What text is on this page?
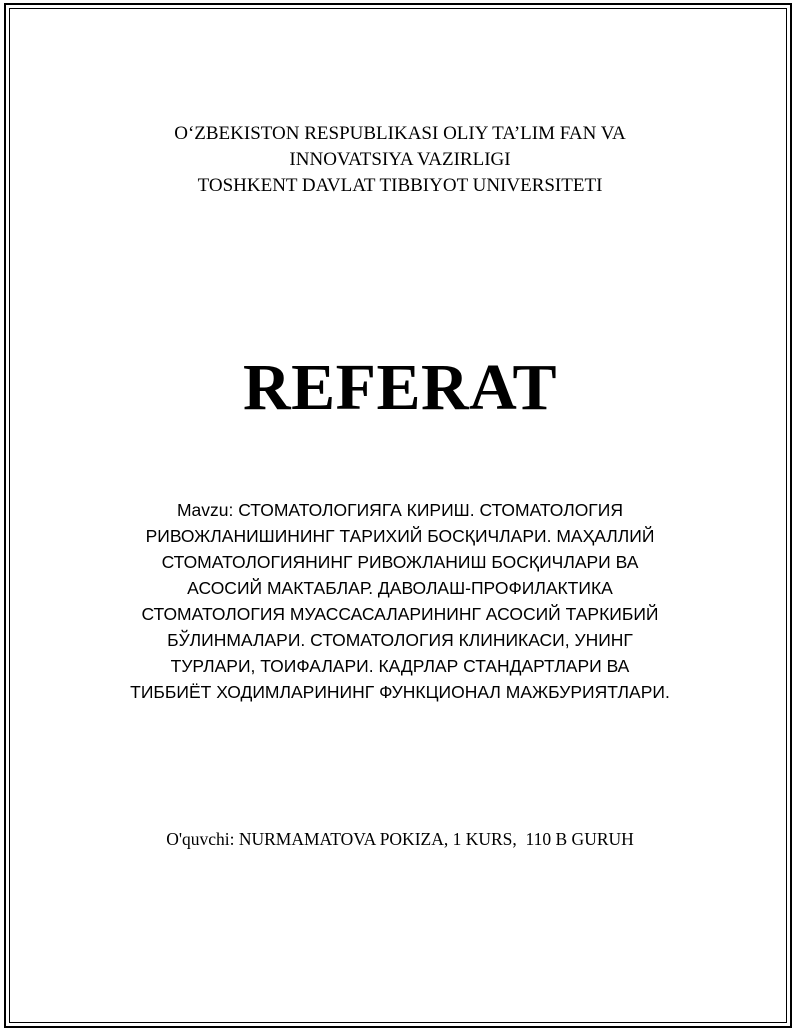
O‘ZBEKISTON RESPUBLIKASI OLIY TA’LIM FAN VA
INNOVATSIYA VAZIRLIGI
TOSHKENT DAVLAT TIBBIYOT UNIVERSITETI
REFERAT
Mavzu: СТОМАТОЛОГИЯГА КИРИШ. СТОМАТОЛОГИЯ
РИВОЖЛАНИШИНИНГ ТАРИХИЙ БОСҚИЧЛАРИ. МАҲАЛЛИЙ
СТОМАТОЛОГИЯНИНГ РИВОЖЛАНИШ БОСҚИЧЛАРИ ВА
АСОСИЙ МАКТАБЛАР. ДАВОЛАШ-ПРОФИЛАКТИКА
СТОМАТОЛОГИЯ МУАССАСАЛАРИНИНГ АСОСИЙ ТАРКИБИЙ
БЎЛИНМАЛАРИ. СТОМАТОЛОГИЯ КЛИНИКАСИ, УНИНГ
ТУРЛАРИ, ТОИФАЛАРИ. КАДРЛАР СТАНДАРТЛАРИ ВА
ТИББИЁТ ХОДИМЛАРИНИНГ ФУНКЦИОНАЛ МАЖБУРИЯТЛАРИ.
O'quvchi: NURMAMATOVA POKIZA, 1 KURS,  110 B GURUH
